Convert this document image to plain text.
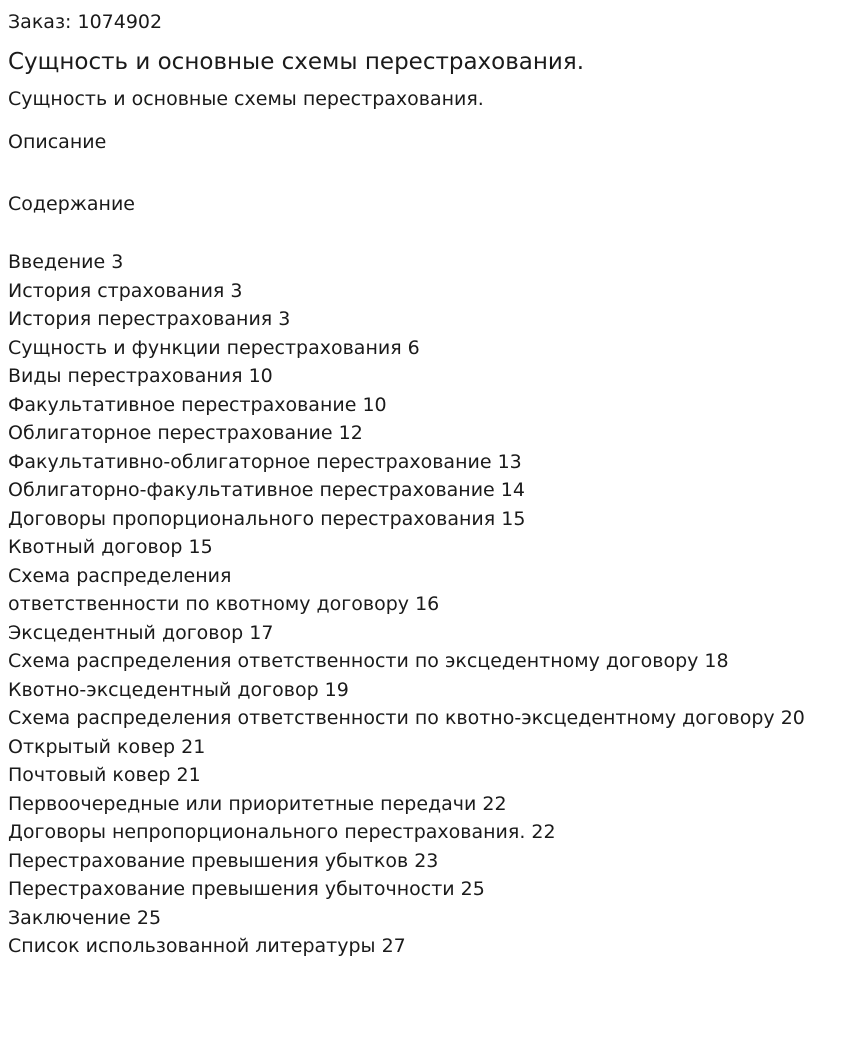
Заказ: 1074902
Сущность и основные схемы перестрахования.
Сущность и основные схемы перестрахования.
Описание
Содержание
Введение 3
История страхования 3
История перестрахования 3
Сущность и функции перестрахования 6
Виды перестрахования 10
Факультативное перестрахование 10
Облигаторное перестрахование 12
Факультативно-облигаторное перестрахование 13
Облигаторно-факультативное перестрахование 14
Договоры пропорционального перестрахования 15
Квотный договор 15
Схема распределения
ответственности по квотному договору 16
Эксцедентный договор 17
Схема распределения ответственности по эксцедентному договору 18
Квотно-эксцедентный договор 19
Схема распределения ответственности по квотно-эксцедентному договору 20
Открытый ковер 21
Почтовый ковер 21
Первоочередные или приоритетные передачи 22
Договоры непропорционального перестрахования. 22
Перестрахование превышения убытков 23
Перестрахование превышения убыточности 25
Заключение 25
Список использованной литературы 27
